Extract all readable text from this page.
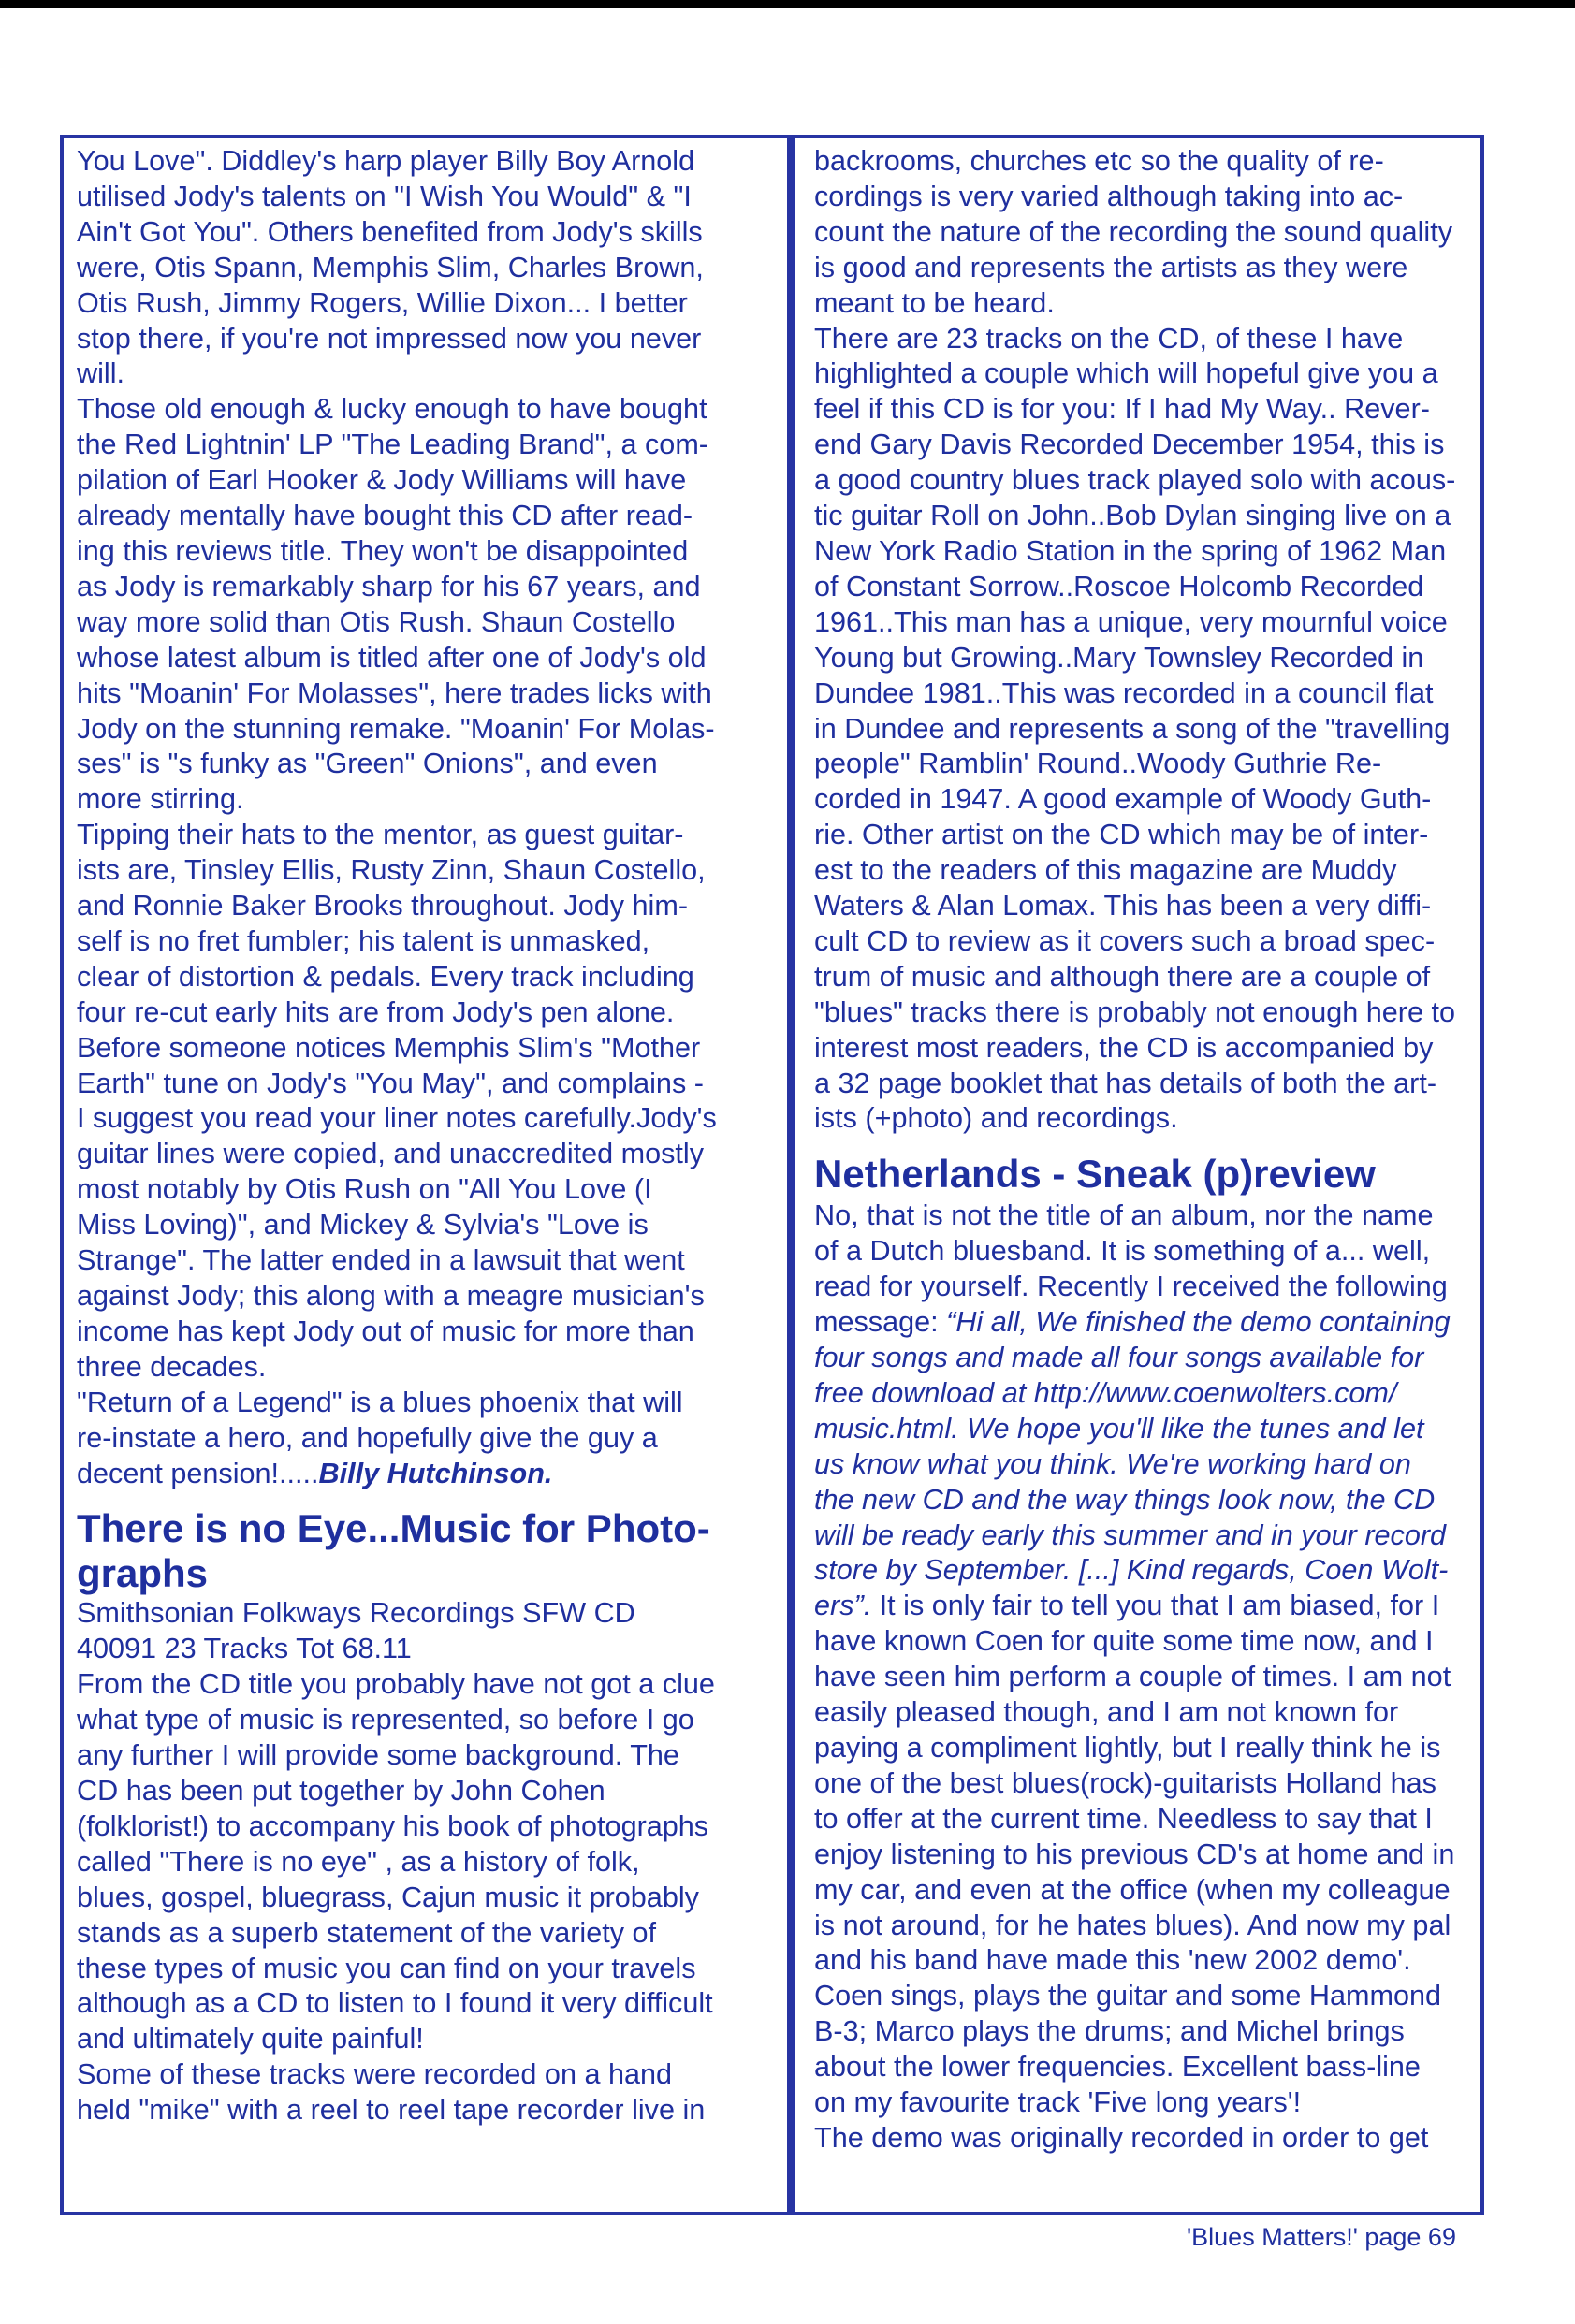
You Love". Diddley's harp player Billy Boy Arnold
utilised Jody's talents on "I Wish You Would" & "I
Ain't Got You". Others benefited from Jody's skills
were, Otis Spann, Memphis Slim, Charles Brown,
Otis Rush, Jimmy Rogers, Willie Dixon... I better
stop there, if you're not impressed now you never
will.
Those old enough & lucky enough to have bought
the Red Lightnin' LP "The Leading Brand", a com-
pilation of Earl Hooker & Jody Williams will have
already mentally have bought this CD after read-
ing this reviews title. They won't be disappointed
as Jody is remarkably sharp for his 67 years, and
way more solid than Otis Rush. Shaun Costello
whose latest album is titled after one of Jody's old
hits "Moanin' For Molasses", here trades licks with
Jody on the stunning remake. "Moanin' For Molas-
ses" is "s funky as "Green" Onions", and even
more stirring.
Tipping their hats to the mentor, as guest guitar-
ists are, Tinsley Ellis, Rusty Zinn, Shaun Costello,
and Ronnie Baker Brooks throughout. Jody him-
self is no fret fumbler; his talent is unmasked,
clear of distortion & pedals. Every track including
four re-cut early hits are from Jody's pen alone.
Before someone notices Memphis Slim's "Mother
Earth" tune on Jody's "You May", and complains -
I suggest you read your liner notes carefully.Jody's
guitar lines were copied, and unaccredited mostly
most notably by Otis Rush on "All You Love (I
Miss Loving)", and Mickey & Sylvia's "Love is
Strange". The latter ended in a lawsuit that went
against Jody; this along with a meagre musician's
income has kept Jody out of music for more than
three decades.
"Return of a Legend" is a blues phoenix that will
re-instate a hero, and hopefully give the guy a
decent pension!.....Billy Hutchinson.
There is no Eye...Music for Photo-
graphs
Smithsonian Folkways Recordings SFW CD
40091 23 Tracks Tot 68.11
From the CD title you probably have not got a clue
what type of music is represented, so before I go
any further I will provide some background. The
CD has been put together by John Cohen
(folklorist!) to accompany his book of photographs
called "There is no eye" , as a history of folk,
blues, gospel, bluegrass, Cajun music it probably
stands as a superb statement of the variety of
these types of music you can find on your travels
although as a CD to listen to I found it very difficult
and ultimately quite painful!
Some of these tracks were recorded on a hand
held "mike" with a reel to reel tape recorder live in
backrooms, churches etc so the quality of re-
cordings is very varied although taking into ac-
count the nature of the recording the sound quality
is good and represents the artists as they were
meant to be heard.
There are 23 tracks on the CD, of these I have
highlighted a couple which will hopeful give you a
feel if this CD is for you: If I had My Way.. Rever-
end Gary Davis Recorded December 1954, this is
a good country blues track played solo with acous-
tic guitar Roll on John..Bob Dylan singing live on a
New York Radio Station in the spring of 1962 Man
of Constant Sorrow..Roscoe Holcomb Recorded
1961..This man has a unique, very mournful voice
Young but Growing..Mary Townsley Recorded in
Dundee 1981..This was recorded in a council flat
in Dundee and represents a song of the "travelling
people" Ramblin' Round..Woody Guthrie Re-
corded in 1947. A good example of Woody Guth-
rie. Other artist on the CD which may be of inter-
est to the readers of this magazine are Muddy
Waters & Alan Lomax. This has been a very diffi-
cult CD to review as it covers such a broad spec-
trum of music and although there are a couple of
"blues" tracks there is probably not enough here to
interest most readers, the CD is accompanied by
a 32 page booklet that has details of both the art-
ists (+photo) and recordings.
Netherlands - Sneak (p)review
No, that is not the title of an album, nor the name
of a Dutch bluesband. It is something of a... well,
read for yourself. Recently I received the following
message: “Hi all, We finished the demo containing
four songs and made all four songs available for
free download at http://www.coenwolters.com/
music.html. We hope you'll like the tunes and let
us know what you think. We're working hard on
the new CD and the way things look now, the CD
will be ready early this summer and in your record
store by September. [...] Kind regards, Coen Wolt-
ers”. It is only fair to tell you that I am biased, for I
have known Coen for quite some time now, and I
have seen him perform a couple of times. I am not
easily pleased though, and I am not known for
paying a compliment lightly, but I really think he is
one of the best blues(rock)-guitarists Holland has
to offer at the current time. Needless to say that I
enjoy listening to his previous CD's at home and in
my car, and even at the office (when my colleague
is not around, for he hates blues). And now my pal
and his band have made this 'new 2002 demo'.
Coen sings, plays the guitar and some Hammond
B-3; Marco plays the drums; and Michel brings
about the lower frequencies. Excellent bass-line
on my favourite track 'Five long years'!
The demo was originally recorded in order to get
'Blues Matters!' page 69
